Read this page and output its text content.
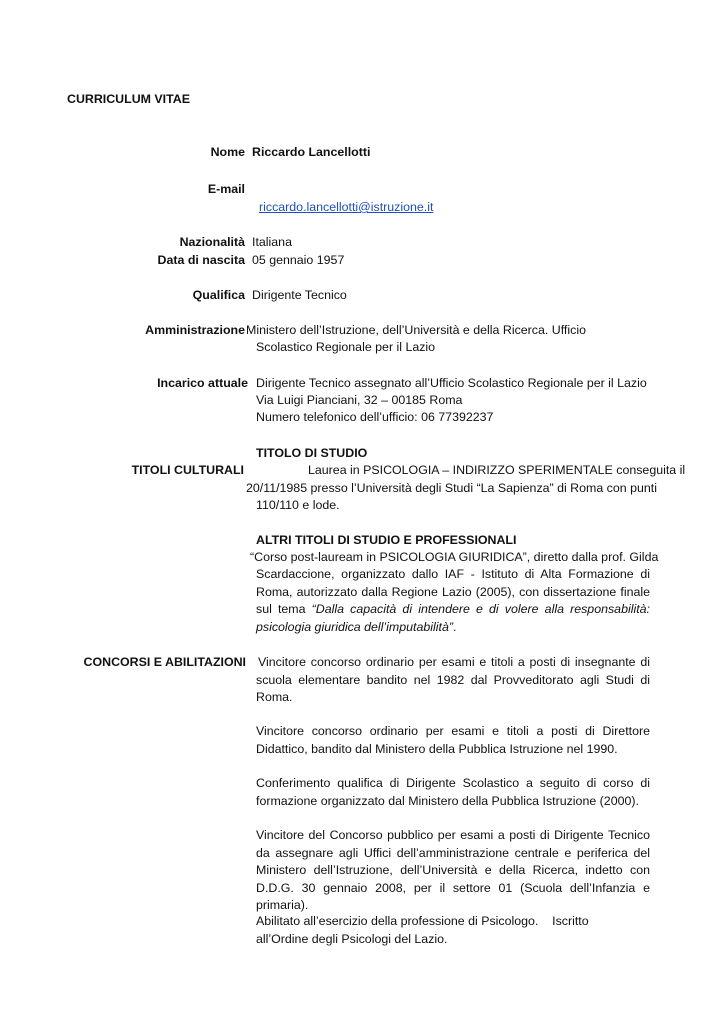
CURRICULUM VITAE
Nome Riccardo Lancellotti
E-mail
riccardo.lancellotti@istruzione.it
Nazionalità Italiana
Data di nascita 05 gennaio 1957
Qualifica Dirigente Tecnico
Amministrazione Ministero dell’Istruzione, dell’Università e della Ricerca. Ufficio
Scolastico Regionale per il Lazio
Incarico attuale Dirigente Tecnico assegnato all’Ufficio Scolastico Regionale per il Lazio
Via Luigi Pianciani, 32 – 00185 Roma
Numero telefonico dell’ufficio: 06 77392237
TITOLO DI STUDIO
TITOLI CULTURALI	Laurea in PSICOLOGIA – INDIRIZZO SPERIMENTALE conseguita il
20/11/1985 presso l’Università degli Studi “La Sapienza” di Roma con punti
110/110 e lode.
ALTRI TITOLI DI STUDIO E PROFESSIONALI
“Corso post-lauream in PSICOLOGIA GIURIDICA”, diretto dalla prof. Gilda
Scardaccione, organizzato dallo IAF - Istituto di Alta Formazione di Roma, autorizzato dalla Regione Lazio (2005), con dissertazione finale sul tema “Dalla capacità di intendere e di volere alla responsabilità: psicologia giuridica dell’imputabilità”.
CONCORSI E ABILITAZIONI Vincitore concorso ordinario per esami e titoli a posti di insegnante di scuola elementare bandito nel 1982 dal Provveditorato agli Studi di Roma.
Vincitore concorso ordinario per esami e titoli a posti di Direttore Didattico, bandito dal Ministero della Pubblica Istruzione nel 1990.
Conferimento qualifica di Dirigente Scolastico a seguito di corso di formazione organizzato dal Ministero della Pubblica Istruzione (2000).
Vincitore del Concorso pubblico per esami a posti di Dirigente Tecnico da assegnare agli Uffici dell’amministrazione centrale e periferica del Ministero dell’Istruzione, dell’Università e della Ricerca, indetto con D.D.G. 30 gennaio 2008, per il settore 01 (Scuola dell’Infanzia e primaria).
Abilitato all’esercizio della professione di Psicologo.    Iscritto
all’Ordine degli Psicologi del Lazio.
